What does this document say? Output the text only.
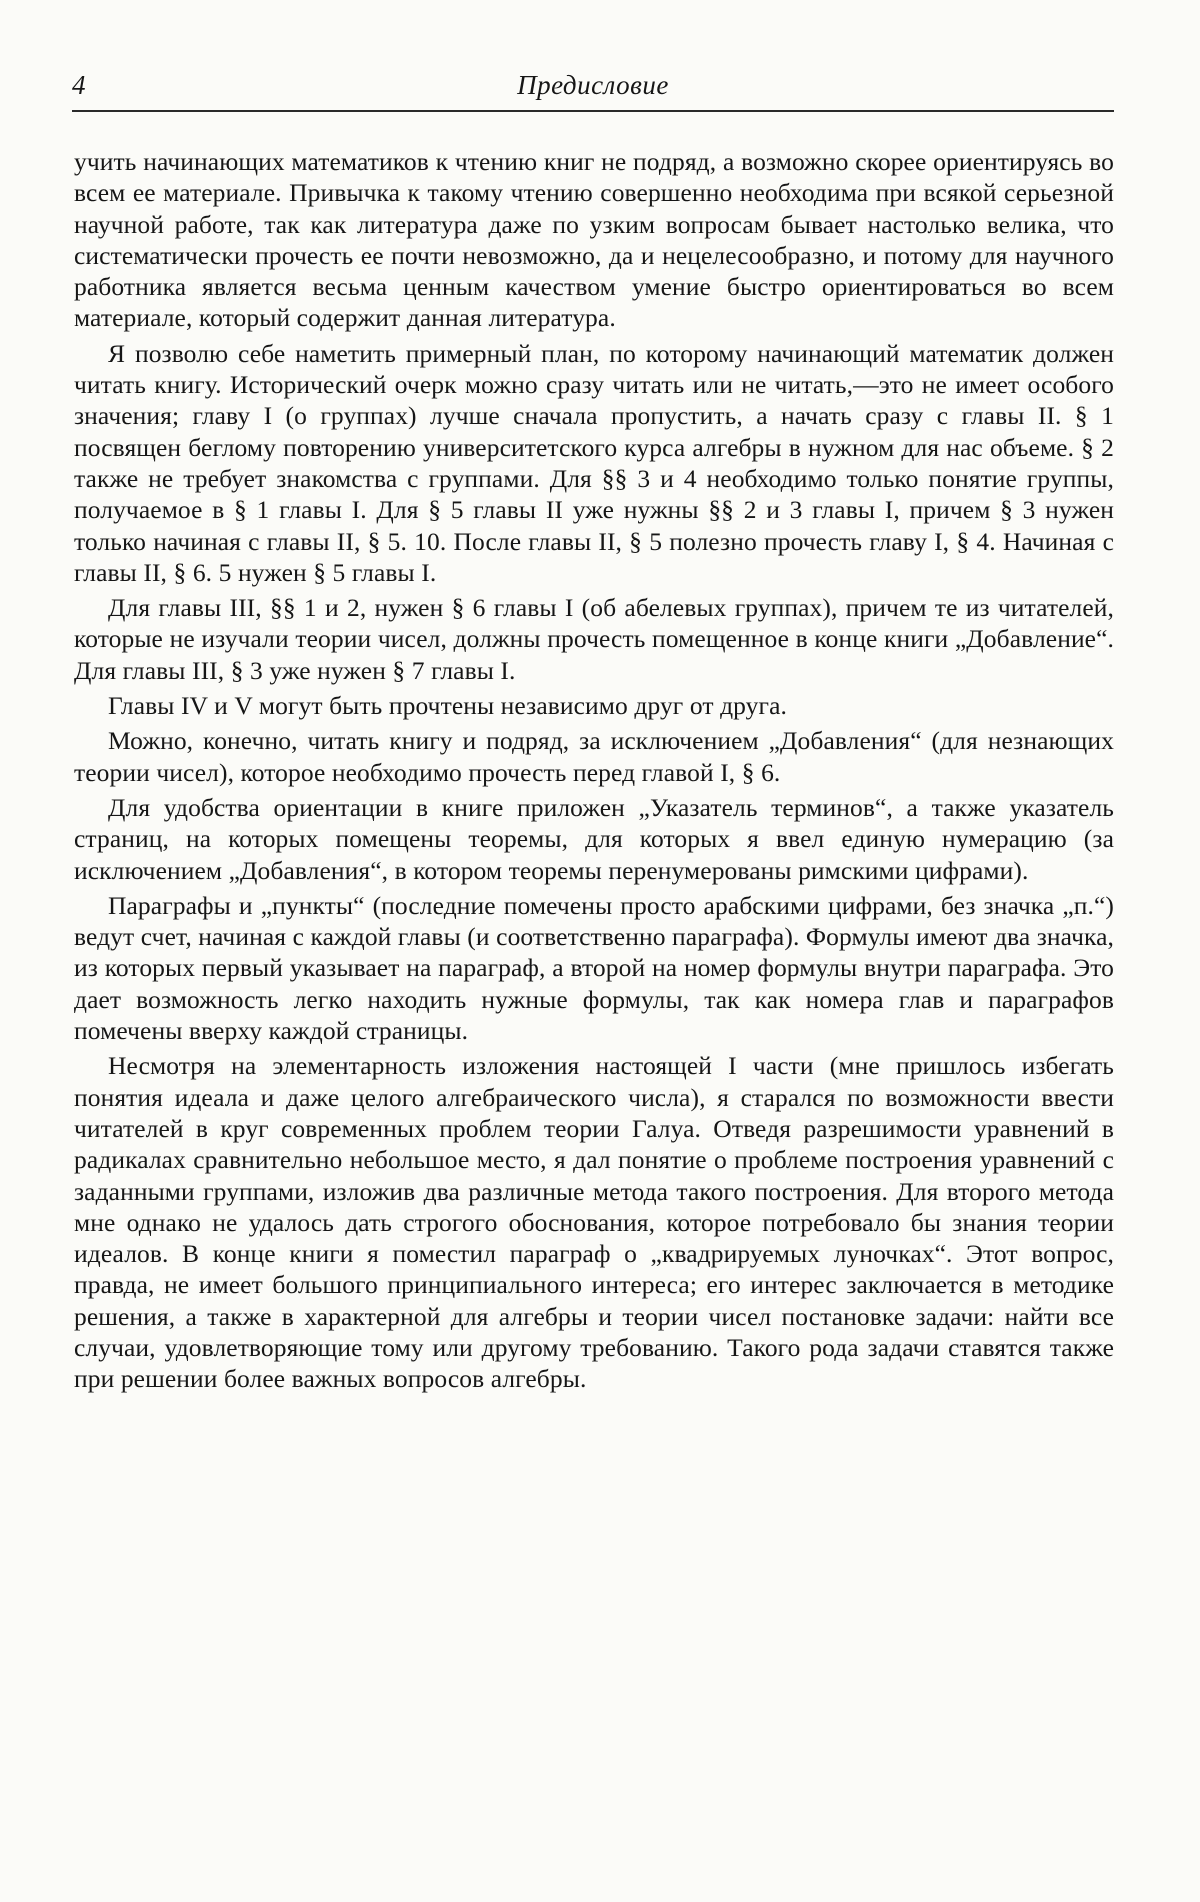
4	Предисловие

учить начинающих математиков к чтению книг не подряд, а возможно скорее ориентируясь во всем ее материале. Привычка к такому чтению совершенно необходима при всякой серьезной научной работе, так как литература даже по узким вопросам бывает настолько велика, что систематически прочесть ее почти невозможно, да и нецелесообразно, и потому для научного работника является весьма ценным качеством умение быстро ориентироваться во всем материале, который содержит данная литература.

Я позволю себе наметить примерный план, по которому начинающий математик должен читать книгу. Исторический очерк можно сразу читать или не читать,—это не имеет особого значения; главу I (о группах) лучше сначала пропустить, а начать сразу с главы II. § 1 посвящен беглому повторению университетского курса алгебры в нужном для нас объеме. § 2 также не требует знакомства с группами. Для §§ 3 и 4 необходимо только понятие группы, получаемое в § 1 главы I. Для § 5 главы II уже нужны §§ 2 и 3 главы I, причем § 3 нужен только начиная с главы II, § 5. 10. После главы II, § 5 полезно прочесть главу I, § 4. Начиная с главы II, § 6. 5 нужен § 5 главы I.

Для главы III, §§ 1 и 2, нужен § 6 главы I (об абелевых группах), причем те из читателей, которые не изучали теории чисел, должны прочесть помещенное в конце книги „Добавление“. Для главы III, § 3 уже нужен § 7 главы I.

Главы IV и V могут быть прочтены независимо друг от друга.

Можно, конечно, читать книгу и подряд, за исключением „Добавления“ (для незнающих теории чисел), которое необходимо прочесть перед главой I, § 6.

Для удобства ориентации в книге приложен „Указатель терминов“, а также указатель страниц, на которых помещены теоремы, для которых я ввел единую нумерацию (за исключением „Добавления“, в котором теоремы перенумерованы римскими цифрами).

Параграфы и „пункты“ (последние помечены просто арабскими цифрами, без значка „п.“) ведут счет, начиная с каждой главы (и соответственно параграфа). Формулы имеют два значка, из которых первый указывает на параграф, а второй на номер формулы внутри параграфа. Это дает возможность легко находить нужные формулы, так как номера глав и параграфов помечены вверху каждой страницы.

Несмотря на элементарность изложения настоящей I части (мне пришлось избегать понятия идеала и даже целого алгебраического числа), я старался по возможности ввести читателей в круг современных проблем теории Галуа. Отведя разрешимости уравнений в радикалах сравнительно небольшое место, я дал понятие о проблеме построения уравнений с заданными группами, изложив два различные метода такого построения. Для второго метода мне однако не удалось дать строгого обоснования, которое потребовало бы знания теории идеалов. В конце книги я поместил параграф о „квадрируемых луночках“. Этот вопрос, правда, не имеет большого принципиального интереса; его интерес заключается в методике решения, а также в характерной для алгебры и теории чисел постановке задачи: найти все случаи, удовлетворяющие тому или другому требованию. Такого рода задачи ставятся также при решении более важных вопросов алгебры.
